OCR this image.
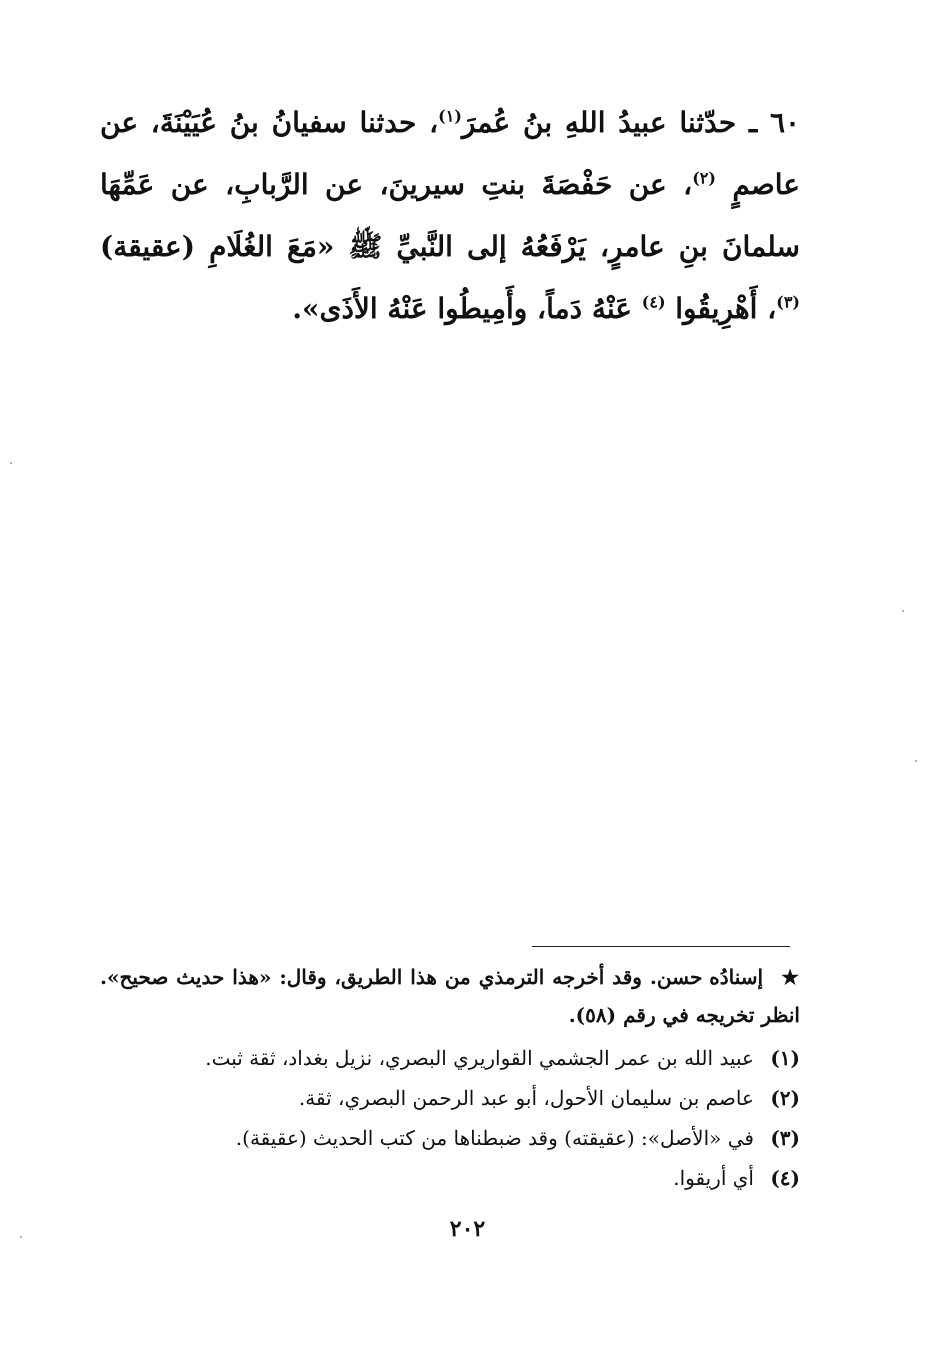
٦٠ ـ حدّثنا عبيدُ اللهِ بنُ عُمرَ$^{(١)}$، حدثنا سفيانُ بنُ عُيَيْنَةَ، عن عاصمٍ $^{(٢)}$، عن حَفْصَةَ بنتِ سيرينَ، عن الرَّبابِ، عن عَمِّهَا سلمانَ بنِ عامرٍ، يَرْفَعُهُ إلى النَّبيِّ ﷺ «مَعَ الغُلَامِ (عقيقة) $^{(٣)}$، أَهْرِيقُوا $^{(٤)}$ عَنْهُ دَماً، وأَمِيطُوا عَنْهُ الأَذَى».

★ إسنادُه حسن. وقد أخرجه الترمذي من هذا الطريق، وقال: «هذا حديث صحيح». انظر تخريجه في رقم (٥٨).

(١) عبيد الله بن عمر الجشمي القواريري البصري، نزيل بغداد، ثقة ثبت.

(٢) عاصم بن سليمان الأحول، أبو عبد الرحمن البصري، ثقة.

(٣) في «الأصل»: (عقيقته) وقد ضبطناها من كتب الحديث (عقيقة).

(٤) أي أريقوا.

٢٠٢
